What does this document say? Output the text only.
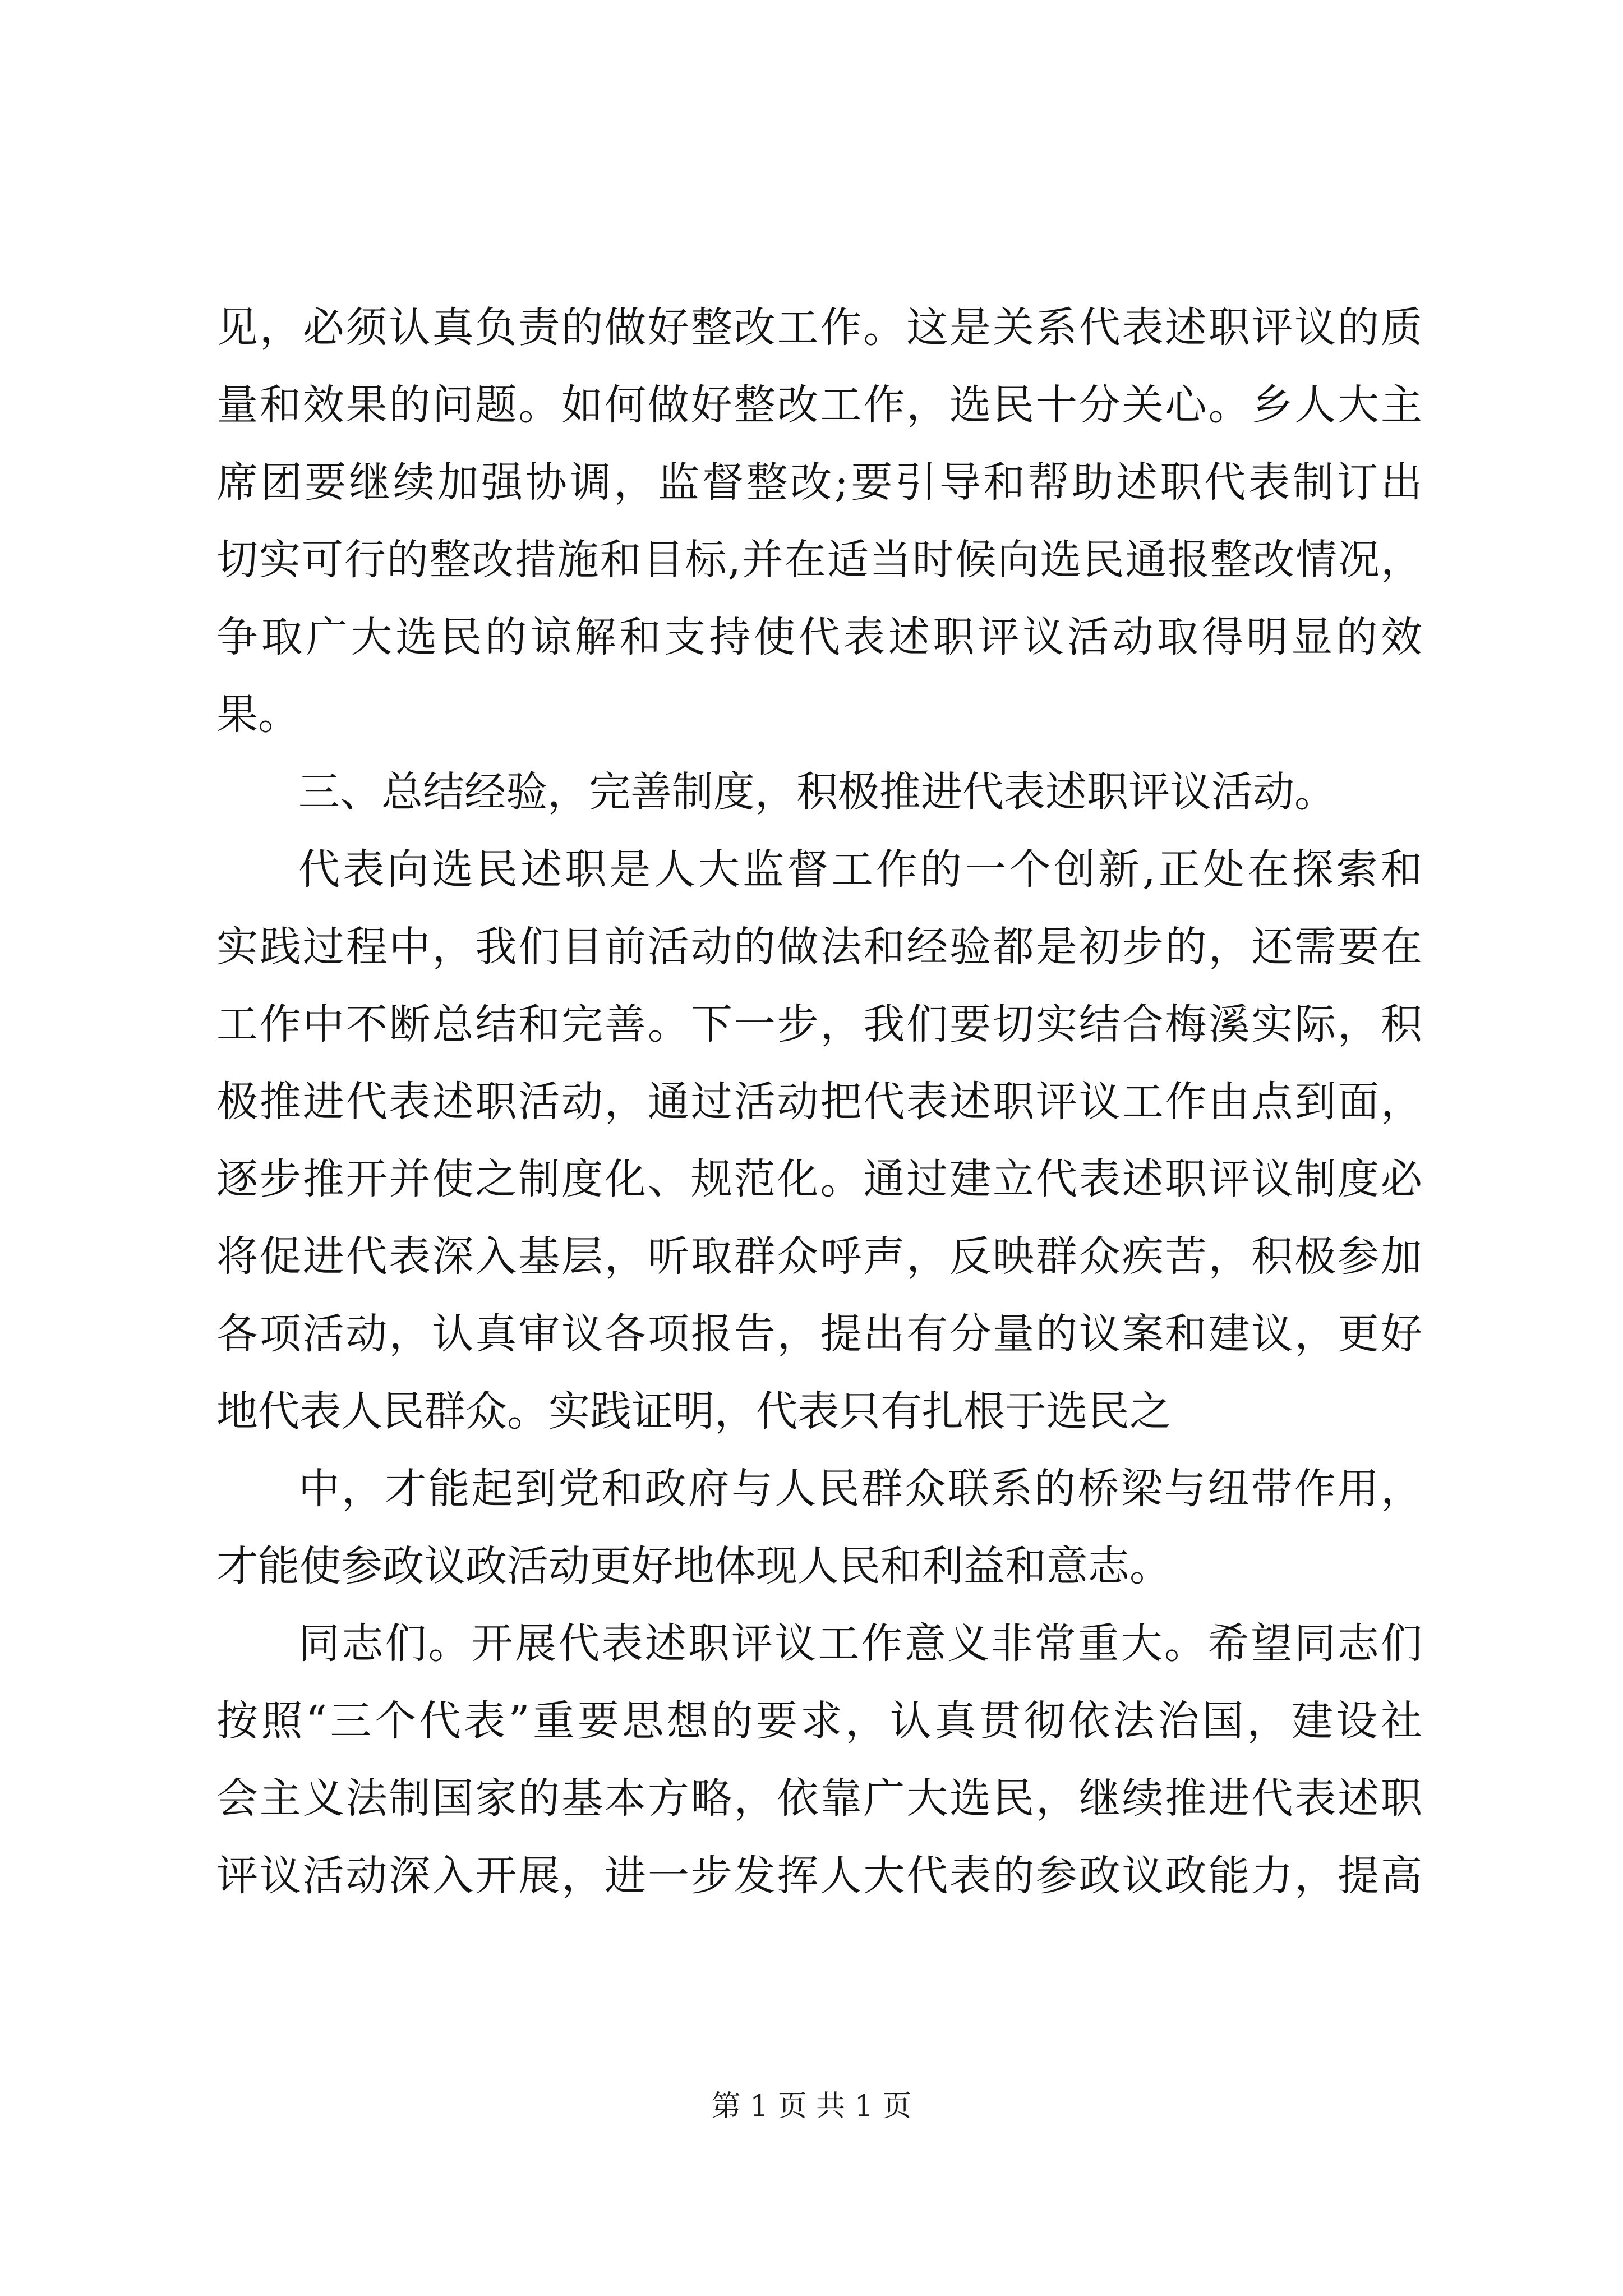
见，必须认真负责的做好整改工作。这是关系代表述职评议的质
量和效果的问题。如何做好整改工作，选民十分关心。乡人大主
席团要继续加强协调，监督整改;要引导和帮助述职代表制订出
切实可行的整改措施和目标,并在适当时候向选民通报整改情况，
争取广大选民的谅解和支持使代表述职评议活动取得明显的效
果。
三、总结经验，完善制度，积极推进代表述职评议活动。
代表向选民述职是人大监督工作的一个创新,正处在探索和
实践过程中，我们目前活动的做法和经验都是初步的，还需要在
工作中不断总结和完善。下一步，我们要切实结合梅溪实际，积
极推进代表述职活动，通过活动把代表述职评议工作由点到面，
逐步推开并使之制度化、规范化。通过建立代表述职评议制度必
将促进代表深入基层，听取群众呼声，反映群众疾苦，积极参加
各项活动，认真审议各项报告，提出有分量的议案和建议，更好
地代表人民群众。实践证明，代表只有扎根于选民之
中，才能起到党和政府与人民群众联系的桥梁与纽带作用，
才能使参政议政活动更好地体现人民和利益和意志。
同志们。开展代表述职评议工作意义非常重大。希望同志们
按照“三个代表”重要思想的要求，认真贯彻依法治国，建设社
会主义法制国家的基本方略，依靠广大选民，继续推进代表述职
评议活动深入开展，进一步发挥人大代表的参政议政能力，提高
第 1 页 共 1 页
